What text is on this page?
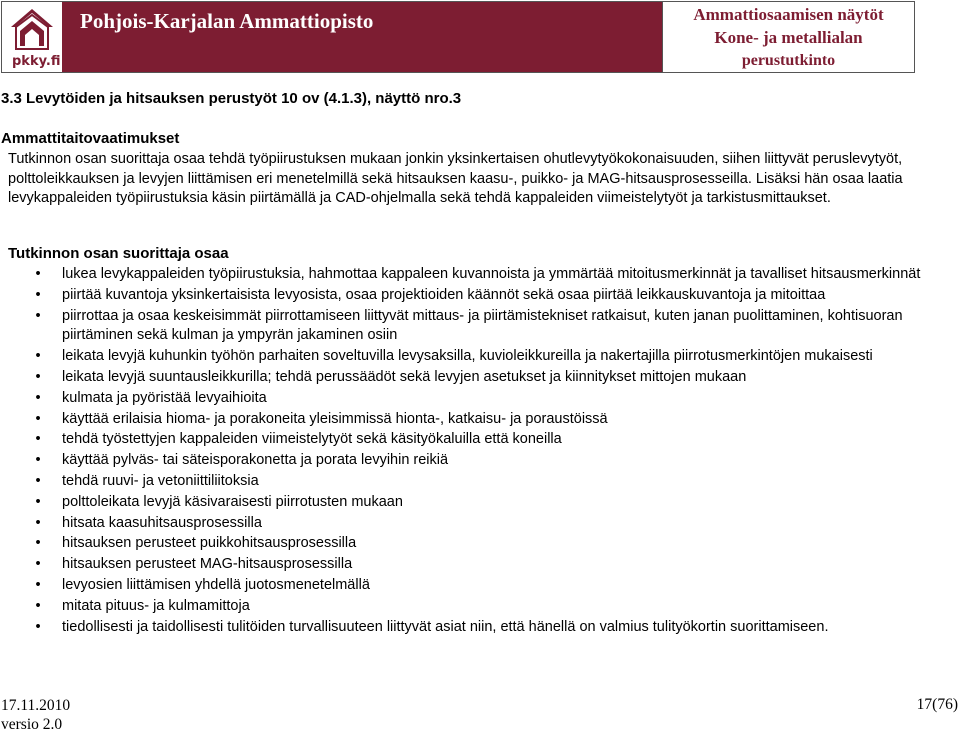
pkky.fi
Pohjois-Karjalan Ammattiopisto	Ammattiosaamisen näytöt
Kone- ja metallialan
perustutkinto
3.3 Levytöiden ja hitsauksen perustyöt 10 ov (4.1.3), näyttö nro.3
Ammattitaitovaatimukset
Tutkinnon osan suorittaja osaa tehdä työpiirustuksen mukaan jonkin yksinkertaisen ohutlevytyökokonaisuuden, siihen liittyvät peruslevytyöt, polttoleikkauksen ja levyjen liittämisen eri menetelmillä sekä hitsauksen kaasu-, puikko- ja MAG-hitsausprosesseilla. Lisäksi hän osaa laatia levykappaleiden työpiirustuksia käsin piirtämällä ja CAD-ohjelmalla sekä tehdä kappaleiden viimeistelytyöt ja tarkistusmittaukset.
Tutkinnon osan suorittaja osaa
• lukea levykappaleiden työpiirustuksia, hahmottaa kappaleen kuvannoista ja ymmärtää mitoitusmerkinnät ja tavalliset hitsausmerkinnät
• piirtää kuvantoja yksinkertaisista levyosista, osaa projektioiden käännöt sekä osaa piirtää leikkauskuvantoja ja mitoittaa
• piirrottaa ja osaa keskeisimmät piirrottamiseen liittyvät mittaus- ja piirtämistekniset ratkaisut, kuten janan puolittaminen, kohtisuoran piirtäminen sekä kulman ja ympyrän jakaminen osiin
• leikata levyjä kuhunkin työhön parhaiten soveltuvilla levysaksilla, kuvioleikkureilla ja nakertajilla piirrotusmerkintöjen mukaisesti
• leikata levyjä suuntausleikkurilla; tehdä perussäädöt sekä levyjen asetukset ja kiinnitykset mittojen mukaan
• kulmata ja pyöristää levyaihioita
• käyttää erilaisia hioma- ja porakoneita yleisimmissä hionta-, katkaisu- ja poraustöissä
• tehdä työstettyjen kappaleiden viimeistelytyöt sekä käsityökaluilla että koneilla
• käyttää pylväs- tai säteisporakonetta ja porata levyihin reikiä
• tehdä ruuvi- ja vetoniittiliitoksia
• polttoleikata levyjä käsivaraisesti piirrotusten mukaan
• hitsata kaasuhitsausprosessilla
• hitsauksen perusteet puikkohitsausprosessilla
• hitsauksen perusteet MAG-hitsausprosessilla
• levyosien liittämisen yhdellä juotosmenetelmällä
• mitata pituus- ja kulmamittoja
• tiedollisesti ja taidollisesti tulitöiden turvallisuuteen liittyvät asiat niin, että hänellä on valmius tulityökortin suorittamiseen.
17.11.2010
versio 2.0
17(76)
